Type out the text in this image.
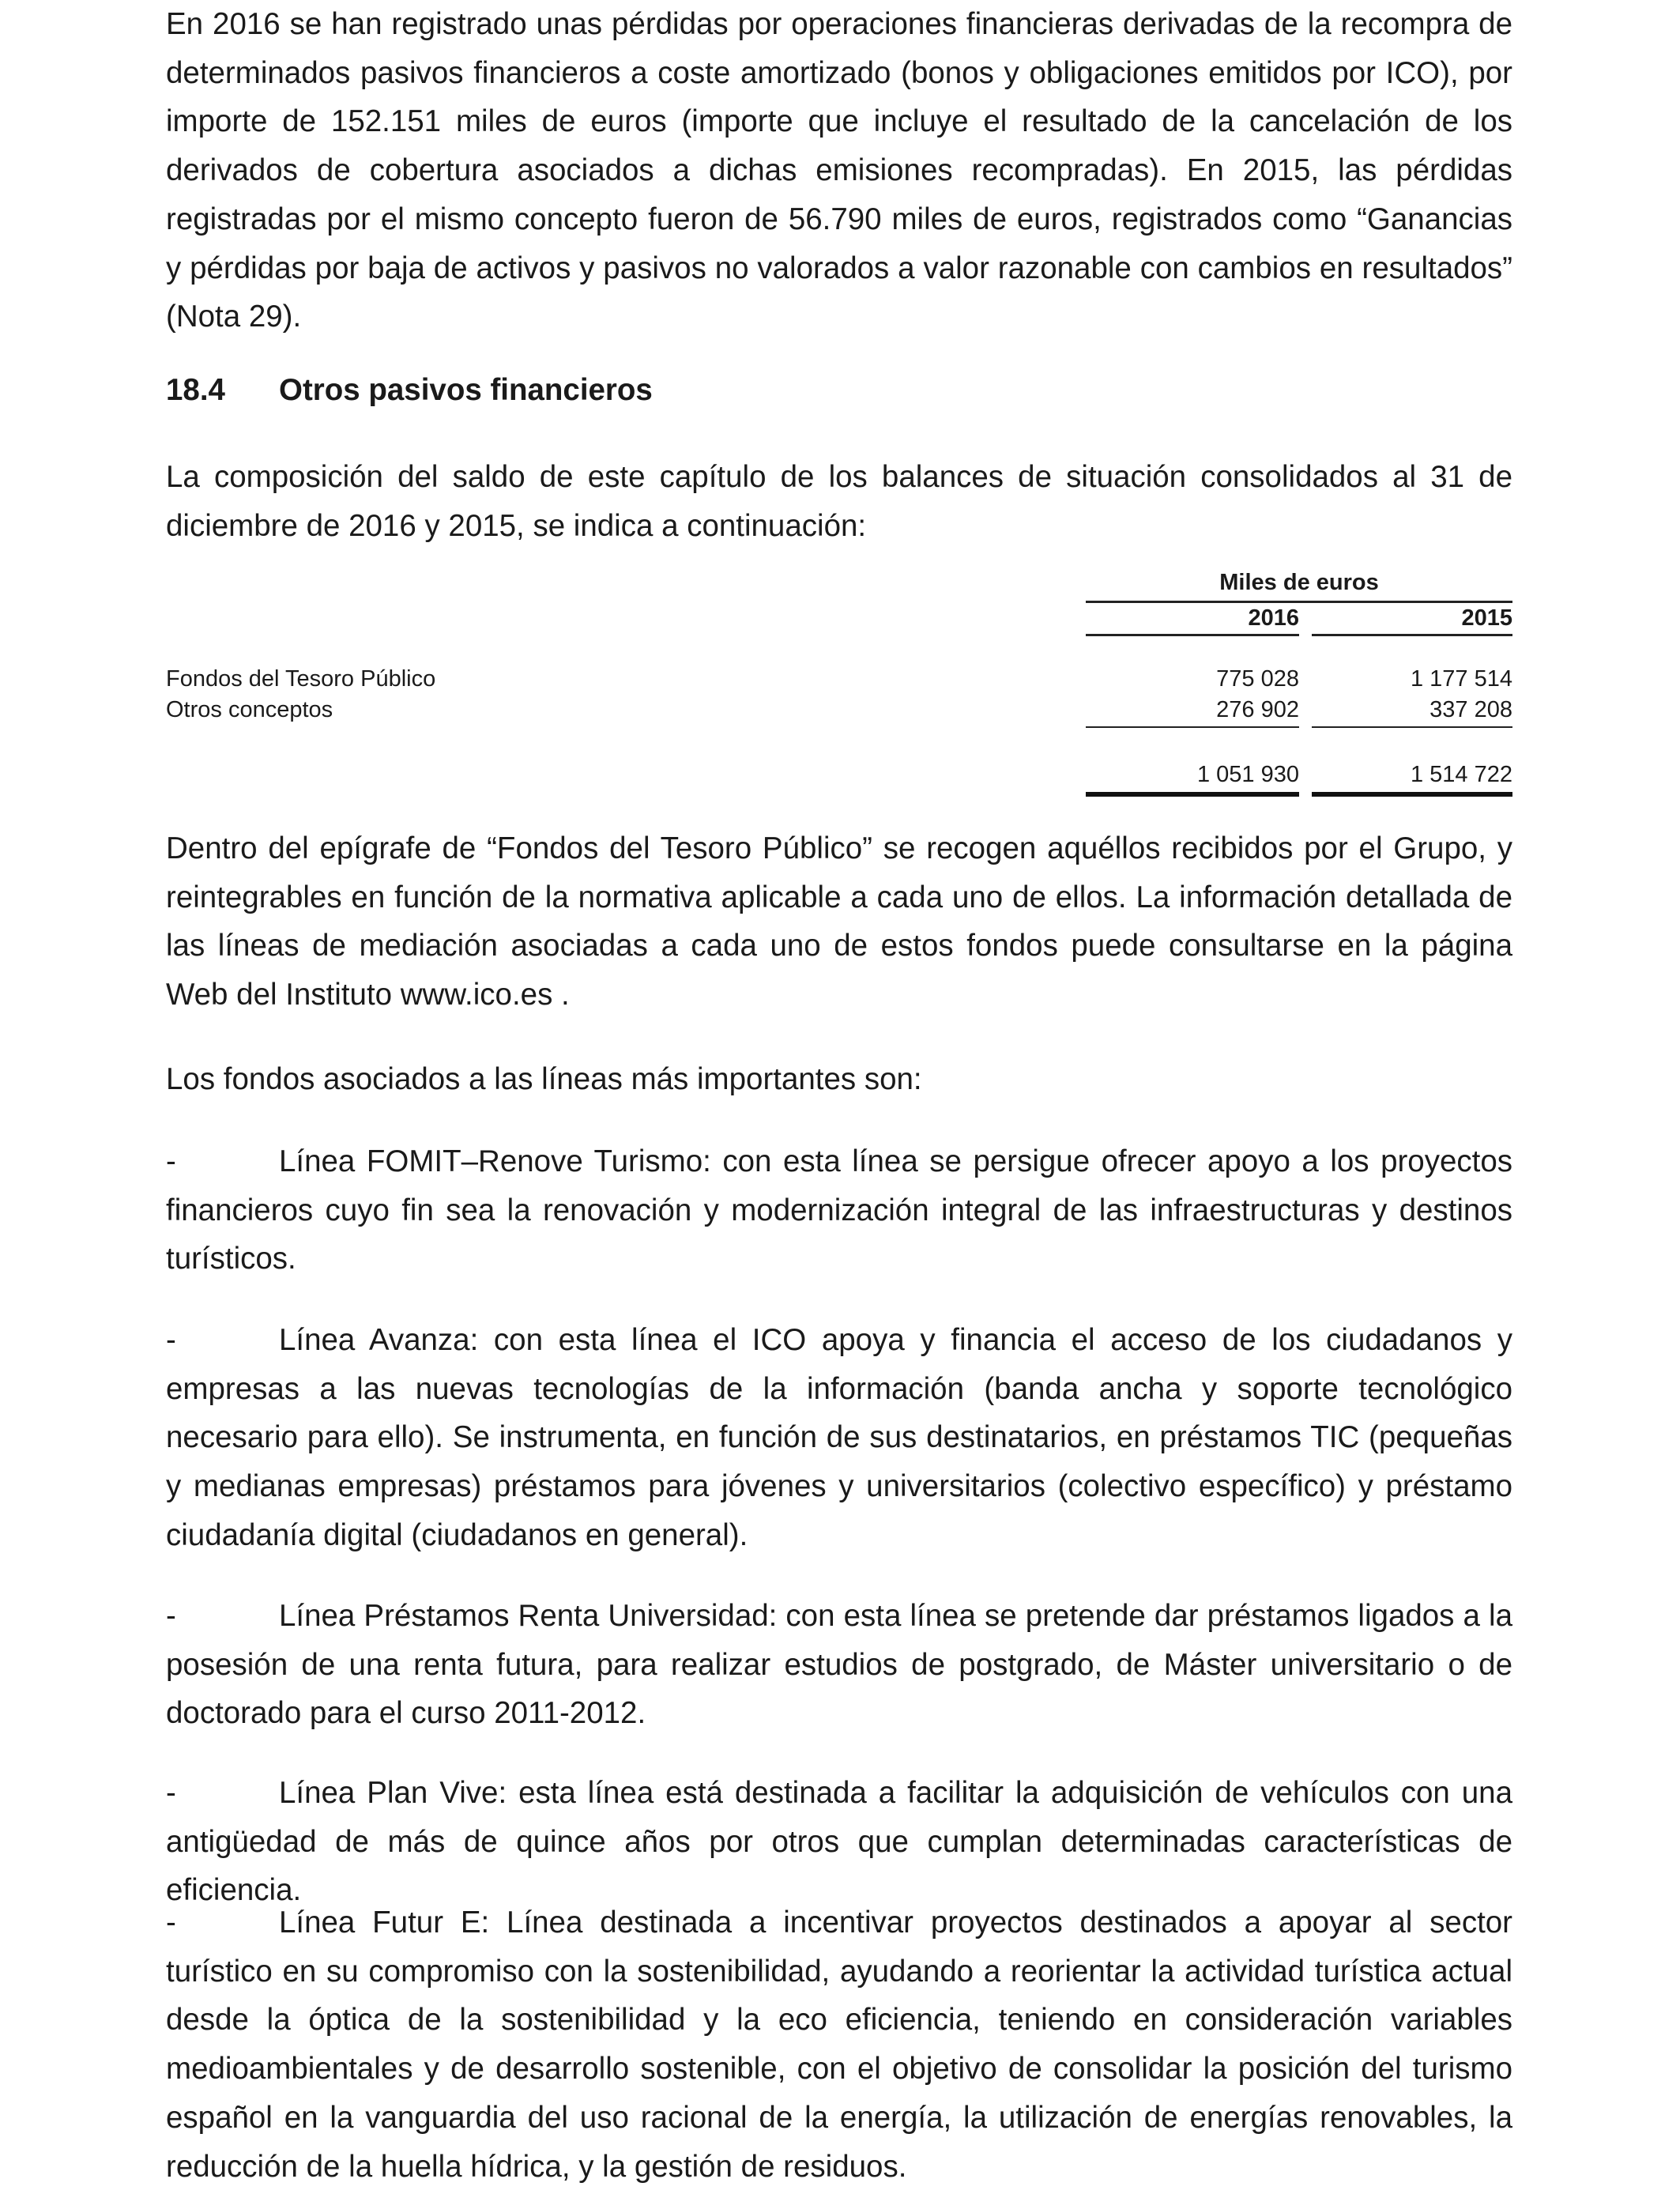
En 2016 se han registrado unas pérdidas por operaciones financieras derivadas de la recompra de determinados pasivos financieros a coste amortizado (bonos y obligaciones emitidos por ICO), por importe de 152.151 miles de euros (importe que incluye el resultado de la cancelación de los derivados de cobertura asociados a dichas emisiones recompradas). En 2015, las pérdidas registradas por el mismo concepto fueron de 56.790 miles de euros, registrados como “Ganancias y pérdidas por baja de activos y pasivos no valorados a valor razonable con cambios en resultados” (Nota 29).

18.4 Otros pasivos financieros

La composición del saldo de este capítulo de los balances de situación consolidados al 31 de diciembre de 2016 y 2015, se indica a continuación:

Miles de euros
2016	2015
Fondos del Tesoro Público	775 028	1 177 514
Otros conceptos	276 902	337 208
1 051 930	1 514 722

Dentro del epígrafe de “Fondos del Tesoro Público” se recogen aquéllos recibidos por el Grupo, y reintegrables en función de la normativa aplicable a cada uno de ellos. La información detallada de las líneas de mediación asociadas a cada uno de estos fondos puede consultarse en la página Web del Instituto www.ico.es .

Los fondos asociados a las líneas más importantes son:

-	Línea FOMIT–Renove Turismo: con esta línea se persigue ofrecer apoyo a los proyectos financieros cuyo fin sea la renovación y modernización integral de las infraestructuras y destinos turísticos.

-	Línea Avanza: con esta línea el ICO apoya y financia el acceso de los ciudadanos y empresas a las nuevas tecnologías de la información (banda ancha y soporte tecnológico necesario para ello). Se instrumenta, en función de sus destinatarios, en préstamos TIC (pequeñas y medianas empresas) préstamos para jóvenes y universitarios (colectivo específico) y préstamo ciudadanía digital (ciudadanos en general).

-	Línea Préstamos Renta Universidad: con esta línea se pretende dar préstamos ligados a la posesión de una renta futura, para realizar estudios de postgrado, de Máster universitario o de doctorado para el curso 2011-2012.

-	Línea Plan Vive: esta línea está destinada a facilitar la adquisición de vehículos con una antigüedad de más de quince años por otros que cumplan determinadas características de eficiencia.

-	Línea Futur E: Línea destinada a incentivar proyectos destinados a apoyar al sector turístico en su compromiso con la sostenibilidad, ayudando a reorientar la actividad turística actual desde la óptica de la sostenibilidad y la eco eficiencia, teniendo en consideración variables medioambientales y de desarrollo sostenible, con el objetivo de consolidar la posición del turismo español en la vanguardia del uso racional de la energía, la utilización de energías renovables, la reducción de la huella hídrica, y la gestión de residuos.
